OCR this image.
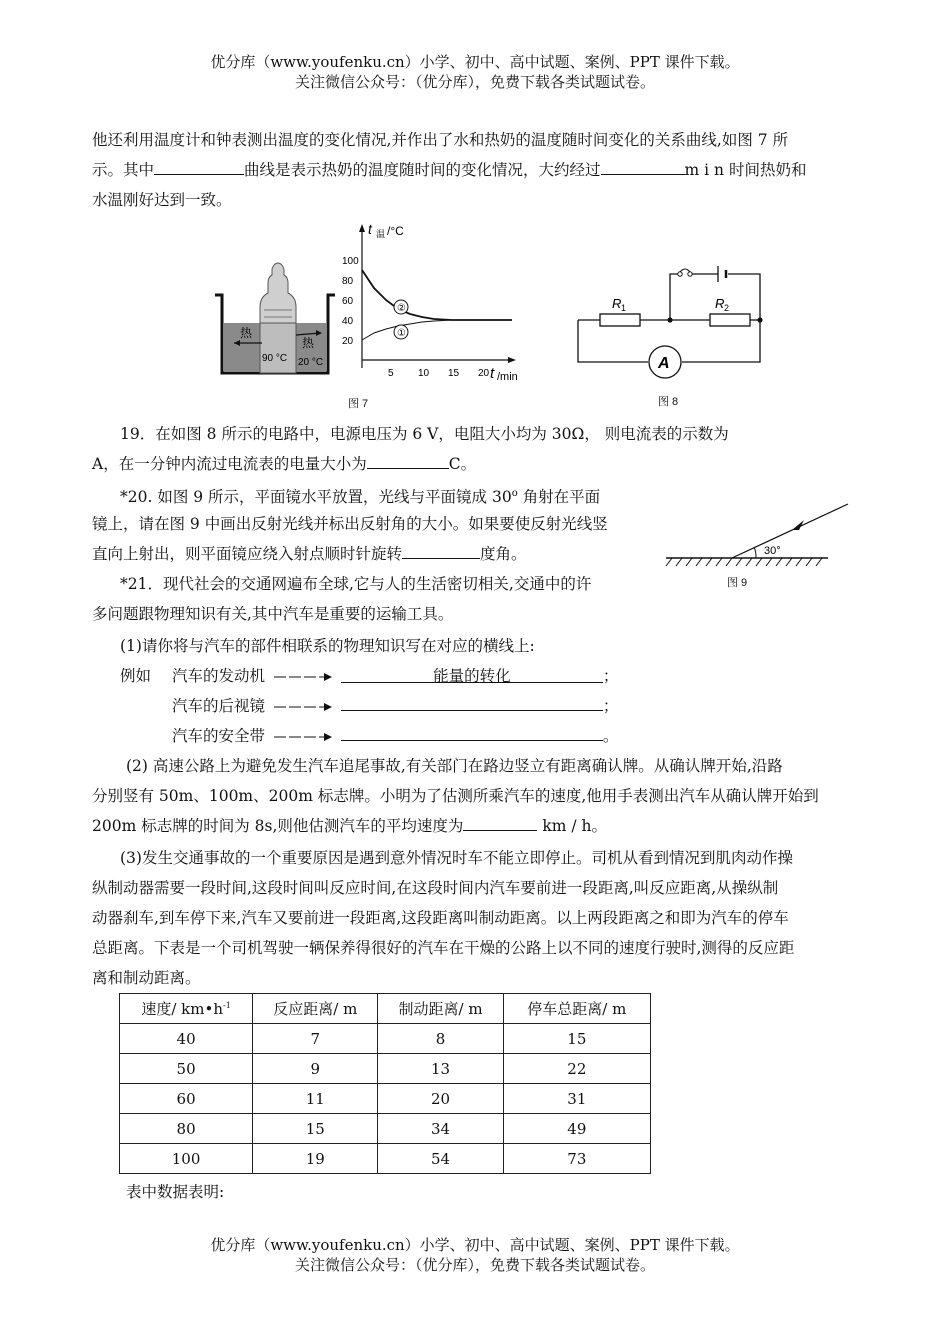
优分库（www.youfenku.cn）小学、初中、高中试题、案例、PPT 课件下载。
关注微信公众号：（优分库），免费下载各类试题试卷。
他还利用温度计和钟表测出温度的变化情况,并作出了水和热奶的温度随时间变化的关系曲线,如图 7 所
示。其中	曲线是表示热奶的温度随时间的变化情况，大约经过	m i n 时间热奶和
水温刚好达到一致。
热
热
90 °C 20 °C
t 温 /°C
t /min
20
40
60
80
100
5 10 15 20
②
①
图 7
R 1	R 2
A
图 8
19．在如图 8 所示的电路中，电源电压为 6 V，电阻大小均为 30Ω， 则电流表的示数为
A，在一分钟内流过电流表的电量大小为	C。
*20. 如图 9 所示，平面镜水平放置，光线与平面镜成 30$^o$ 角射在平面
镜上，请在图 9 中画出反射光线并标出反射角的大小。如果要使反射光线竖
直向上射出，则平面镜应绕入射点顺时针旋转	度角。	30°
图 9
*21．现代社会的交通网遍布全球,它与人的生活密切相关,交通中的许
多问题跟物理知识有关,其中汽车是重要的运输工具。
(1)请你将与汽车的部件相联系的物理知识写在对应的横线上:
例如 汽车的发动机	能量的转化	；
汽车的后视镜	；
汽车的安全带	。
(2) 高速公路上为避免发生汽车追尾事故,有关部门在路边竖立有距离确认牌。从确认牌开始,沿路
分别竖有 50m、100m、200m 标志牌。小明为了估测所乘汽车的速度,他用手表测出汽车从确认牌开始到
200m 标志牌的时间为 8s,则他估测汽车的平均速度为	km / h。
(3)发生交通事故的一个重要原因是遇到意外情况时车不能立即停止。司机从看到情况到肌肉动作操
纵制动器需要一段时间,这段时间叫反应时间,在这段时间内汽车要前进一段距离,叫反应距离,从操纵制
动器刹车,到车停下来,汽车又要前进一段距离,这段距离叫制动距离。以上两段距离之和即为汽车的停车
总距离。下表是一个司机驾驶一辆保养得很好的汽车在干燥的公路上以不同的速度行驶时,测得的反应距
离和制动距离。
速度/ $km•h^{-1}$	反应距离/ m	制动距离/ m	停车总距离/ m
40	7	8	15
50	9	13	22
60	11	20	31
80	15	34	49
100	19	54	73
表中数据表明:
优分库（www.youfenku.cn）小学、初中、高中试题、案例、PPT 课件下载。
关注微信公众号：（优分库），免费下载各类试题试卷。
